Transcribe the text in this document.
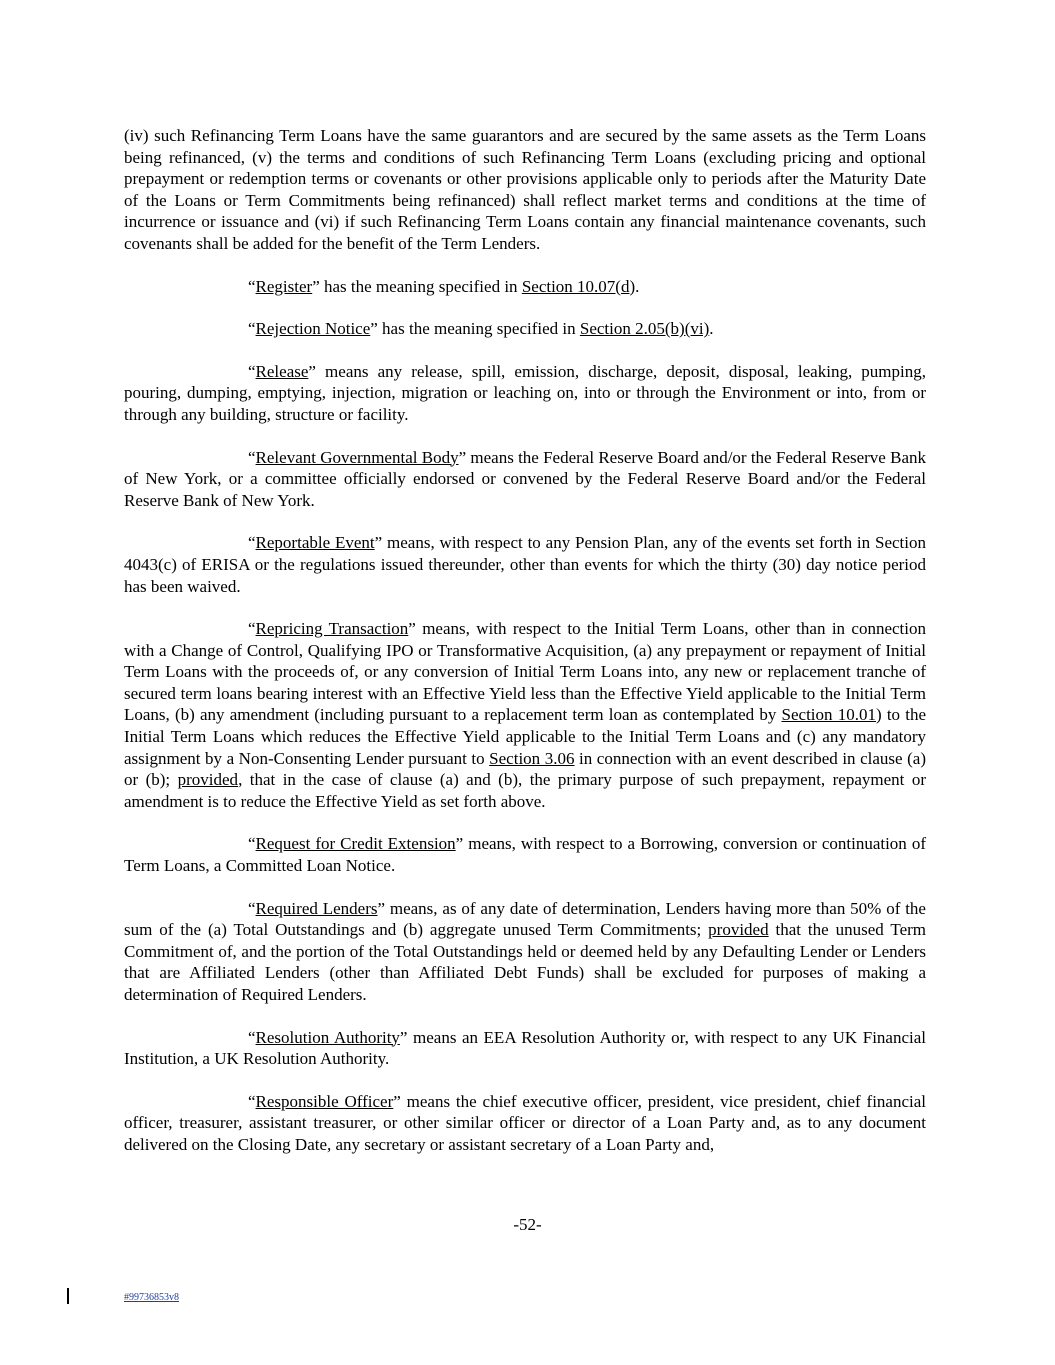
(iv) such Refinancing Term Loans have the same guarantors and are secured by the same assets as the Term Loans being refinanced, (v) the terms and conditions of such Refinancing Term Loans (excluding pricing and optional prepayment or redemption terms or covenants or other provisions applicable only to periods after the Maturity Date of the Loans or Term Commitments being refinanced) shall reflect market terms and conditions at the time of incurrence or issuance and (vi) if such Refinancing Term Loans contain any financial maintenance covenants, such covenants shall be added for the benefit of the Term Lenders.

“Register” has the meaning specified in Section 10.07(d).

“Rejection Notice” has the meaning specified in Section 2.05(b)(vi).

“Release” means any release, spill, emission, discharge, deposit, disposal, leaking, pumping, pouring, dumping, emptying, injection, migration or leaching on, into or through the Environment or into, from or through any building, structure or facility.

“Relevant Governmental Body” means the Federal Reserve Board and/or the Federal Reserve Bank of New York, or a committee officially endorsed or convened by the Federal Reserve Board and/or the Federal Reserve Bank of New York.

“Reportable Event” means, with respect to any Pension Plan, any of the events set forth in Section 4043(c) of ERISA or the regulations issued thereunder, other than events for which the thirty (30) day notice period has been waived.

“Repricing Transaction” means, with respect to the Initial Term Loans, other than in connection with a Change of Control, Qualifying IPO or Transformative Acquisition, (a) any prepayment or repayment of Initial Term Loans with the proceeds of, or any conversion of Initial Term Loans into, any new or replacement tranche of secured term loans bearing interest with an Effective Yield less than the Effective Yield applicable to the Initial Term Loans, (b) any amendment (including pursuant to a replacement term loan as contemplated by Section 10.01) to the Initial Term Loans which reduces the Effective Yield applicable to the Initial Term Loans and (c) any mandatory assignment by a Non-Consenting Lender pursuant to Section 3.06 in connection with an event described in clause (a) or (b); provided, that in the case of clause (a) and (b), the primary purpose of such prepayment, repayment or amendment is to reduce the Effective Yield as set forth above.

“Request for Credit Extension” means, with respect to a Borrowing, conversion or continuation of Term Loans, a Committed Loan Notice.

“Required Lenders” means, as of any date of determination, Lenders having more than 50% of the sum of the (a) Total Outstandings and (b) aggregate unused Term Commitments; provided that the unused Term Commitment of, and the portion of the Total Outstandings held or deemed held by any Defaulting Lender or Lenders that are Affiliated Lenders (other than Affiliated Debt Funds) shall be excluded for purposes of making a determination of Required Lenders.

“Resolution Authority” means an EEA Resolution Authority or, with respect to any UK Financial Institution, a UK Resolution Authority.

“Responsible Officer” means the chief executive officer, president, vice president, chief financial officer, treasurer, assistant treasurer, or other similar officer or director of a Loan Party and, as to any document delivered on the Closing Date, any secretary or assistant secretary of a Loan Party and,

-52-
#99736853v8
